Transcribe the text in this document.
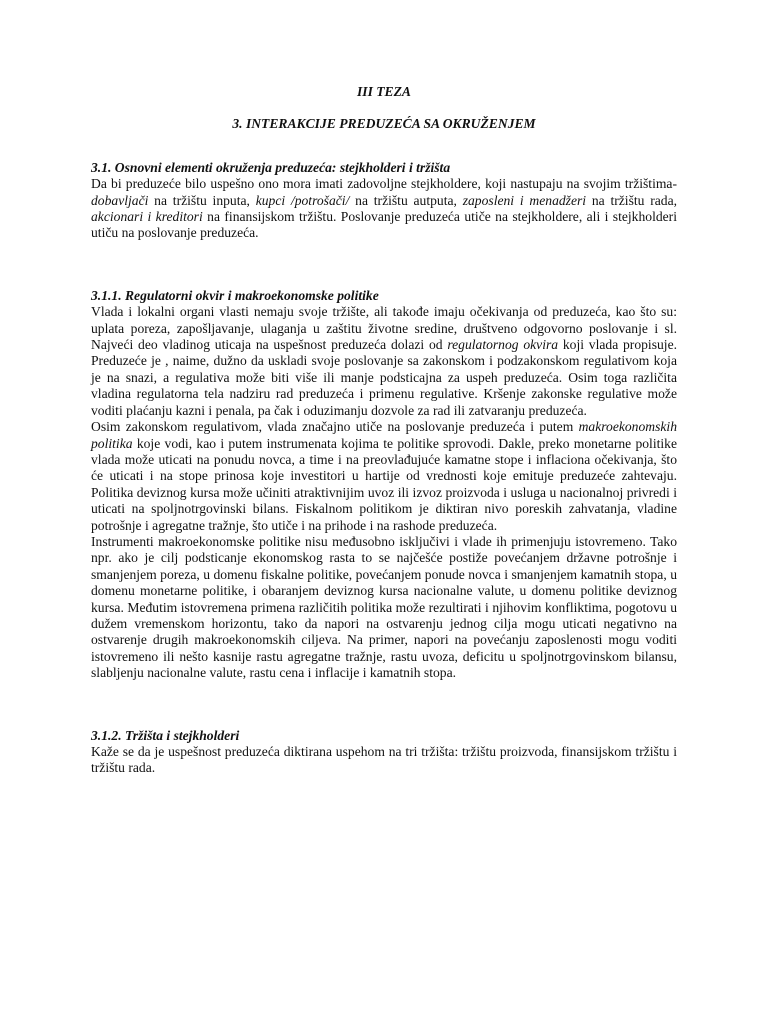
III TEZA

3. INTERAKCIJE PREDUZEĆA SA OKRUŽENJEM

3.1. Osnovni elementi okruženja preduzeća: stejkholderi i tržišta

Da bi preduzeće bilo uspešno ono mora imati zadovoljne stejkholdere, koji nastupaju na svojim tržištima-dobavljači na tržištu inputa, kupci /potrošači/ na tržištu autputa, zaposleni i menadžeri na tržištu rada, akcionari i kreditori na finansijskom tržištu. Poslovanje preduzeća utiče na stejkholdere, ali i stejkholderi utiču na poslovanje preduzeća.

3.1.1. Regulatorni okvir i makroekonomske politike

Vlada i lokalni organi vlasti nemaju svoje tržište, ali takođe imaju očekivanja od preduzeća, kao što su: uplata poreza, zapošljavanje, ulaganja u zaštitu životne sredine, društveno odgovorno poslovanje i sl. Najveći deo vladinog uticaja na uspešnost preduzeća dolazi od regulatornog okvira koji vlada propisuje. Preduzeće je , naime, dužno da uskladi svoje poslovanje sa zakonskom i podzakonskom regulativom koja je na snazi, a regulativa može biti više ili manje podsticajna za uspeh preduzeća. Osim toga različita vladina regulatorna tela nadziru rad preduzeća i primenu regulative. Kršenje zakonske regulative može voditi plaćanju kazni i penala, pa čak i oduzimanju dozvole za rad ili zatvaranju preduzeća.

Osim zakonskom regulativom, vlada značajno utiče na poslovanje preduzeća i putem makroekonomskih politika koje vodi, kao i putem instrumenata kojima te politike sprovodi. Dakle, preko monetarne politike vlada može uticati na ponudu novca, a time i na preovlađujuće kamatne stope i inflaciona očekivanja, što će uticati i na stope prinosa koje investitori u hartije od vrednosti koje emituje preduzeće zahtevaju. Politika deviznog kursa može učiniti atraktivnijim uvoz ili izvoz proizvoda i usluga u nacionalnoj privredi i uticati na spoljnotrgovinski bilans. Fiskalnom politikom je diktiran nivo poreskih zahvatanja, vladine potrošnje i agregatne tražnje, što utiče i na prihode i na rashode preduzeća.

Instrumenti makroekonomske politike nisu međusobno isključivi i vlade ih primenjuju istovremeno. Tako npr. ako je cilj podsticanje ekonomskog rasta to se najčešće postiže povećanjem državne potrošnje i smanjenjem poreza, u domenu fiskalne politike, povećanjem ponude novca i smanjenjem kamatnih stopa, u domenu monetarne politike, i obaranjem deviznog kursa nacionalne valute, u domenu politike deviznog kursa. Međutim istovremena primena različitih politika može rezultirati i njihovim konfliktima, pogotovu u dužem vremenskom horizontu, tako da napori na ostvarenju jednog cilja mogu uticati negativno na ostvarenje drugih makroekonomskih ciljeva. Na primer, napori na povećanju zaposlenosti mogu voditi istovremeno ili nešto kasnije rastu agregatne tražnje, rastu uvoza, deficitu u spoljnotrgovinskom bilansu, slabljenju nacionalne valute, rastu cena i inflacije i kamatnih stopa.

3.1.2. Tržišta i stejkholderi

Kaže se da je uspešnost preduzeća diktirana uspehom na tri tržišta: tržištu proizvoda, finansijskom tržištu i tržištu rada.
